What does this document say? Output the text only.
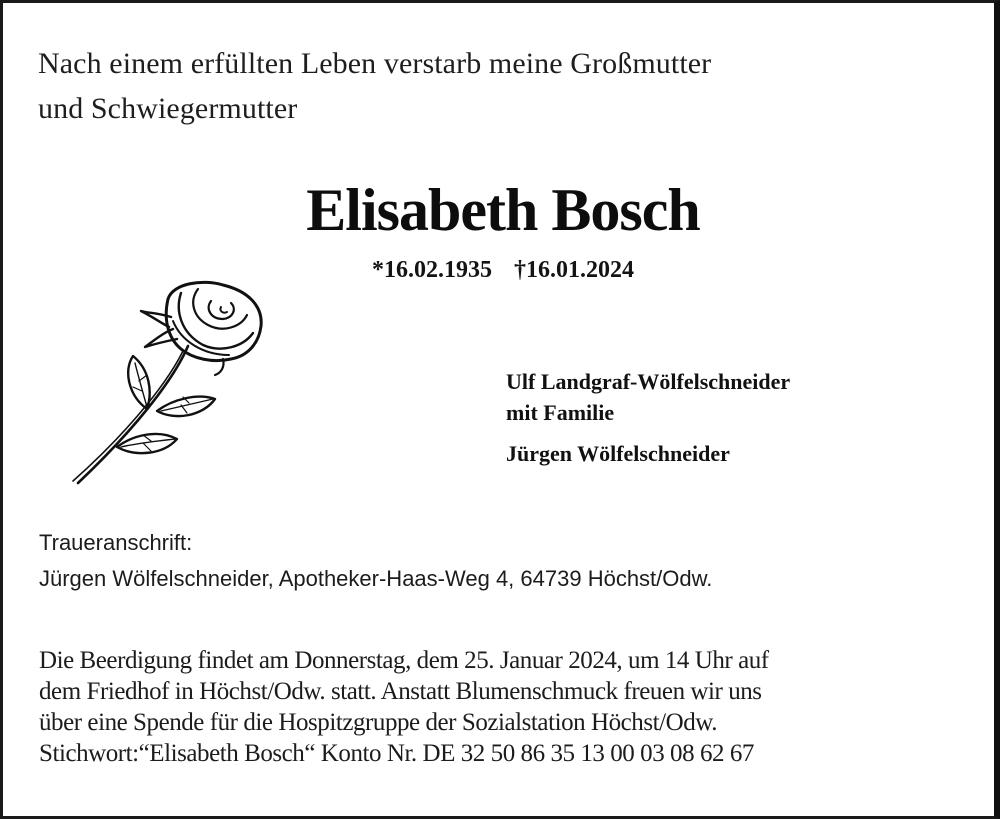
Nach einem erfüllten Leben verstarb meine Großmutter
und Schwiegermutter
Elisabeth Bosch
*16.02.1935 †16.01.2024
Ulf Landgraf-Wölfelschneider
mit Familie
Jürgen Wölfelschneider
Traueranschrift:
Jürgen Wölfelschneider, Apotheker-Haas-Weg 4, 64739 Höchst/Odw.
Die Beerdigung findet am Donnerstag, dem 25. Januar 2024, um 14 Uhr auf
dem Friedhof in Höchst/Odw. statt. Anstatt Blumenschmuck freuen wir uns
über eine Spende für die Hospitzgruppe der Sozialstation Höchst/Odw.
Stichwort:“Elisabeth Bosch“ Konto Nr. DE 32 50 86 35 13 00 03 08 62 67
